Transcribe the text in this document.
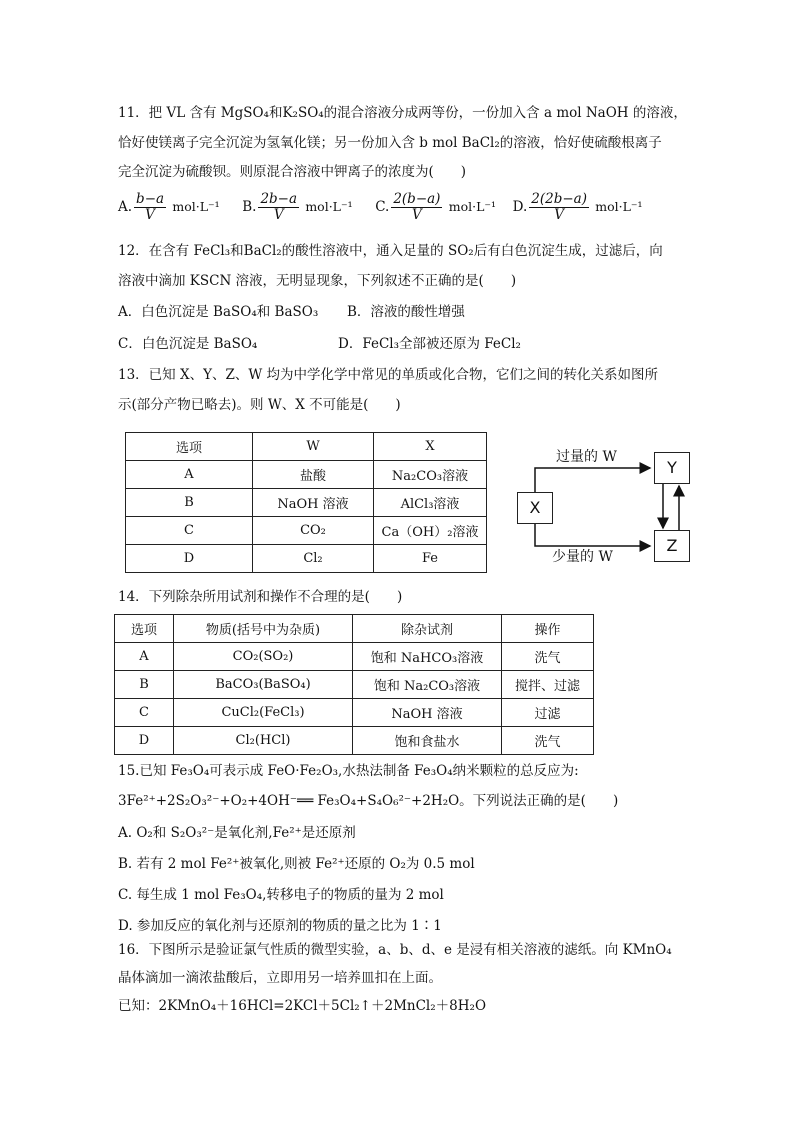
11．把 VL 含有 MgSO₄和K₂SO₄的混合溶液分成两等份，一份加入含 a mol NaOH 的溶液，
恰好使镁离子完全沉淀为氢氧化镁；另一份加入含 b mol BaCl₂的溶液，恰好使硫酸根离子
完全沉淀为硫酸钡。则原混合溶液中钾离子的浓度为(　　)
A. $\frac{b-a}{V} mol\cdot L^{-1}$ B. $\frac{2b-a}{V} mol\cdot L^{-1}$ C. $\frac{2(b-a)}{V} mol\cdot L^{-1}$ D. $\frac{2(2b-a)}{V} mol\cdot L^{-1}$
12．在含有 FeCl₃和BaCl₂的酸性溶液中，通入足量的 SO₂后有白色沉淀生成，过滤后，向
溶液中滴加 KSCN 溶液，无明显现象，下列叙述不正确的是(　　)
A．白色沉淀是 BaSO₄和 BaSO₃ B．溶液的酸性增强
C．白色沉淀是 BaSO₄	D．FeCl₃全部被还原为 FeCl₂
13．已知 X、Y、Z、W 均为中学化学中常见的单质或化合物，它们之间的转化关系如图所
示(部分产物已略去)。则 W、X 不可能是(　　)
选项	W	X
A	盐酸	Na₂CO₃溶液
B	NaOH 溶液	AlCl₃溶液
C	CO₂	Ca（OH）₂溶液
D	Cl₂	Fe
X
Y
Z
过量的 W
少量的 W
14．下列除杂所用试剂和操作不合理的是(　　)
选项	物质(括号中为杂质)	除杂试剂	操作
A	CO₂(SO₂)	饱和 NaHCO₃溶液	洗气
B	BaCO₃(BaSO₄)	饱和 Na₂CO₃溶液	搅拌、过滤
C	CuCl₂(FeCl₃)	NaOH 溶液	过滤
D	Cl₂(HCl)	饱和食盐水	洗气
15.已知 Fe₃O₄可表示成 FeO·Fe₂O₃,水热法制备 Fe₃O₄纳米颗粒的总反应为:
3Fe²⁺+2S₂O₃²⁻+O₂+4OH⁻══ Fe₃O₄+S₄O₆²⁻+2H₂O。下列说法正确的是(　　)
A. O₂和 S₂O₃²⁻是氧化剂,Fe²⁺是还原剂
B. 若有 2 mol Fe²⁺被氧化,则被 Fe²⁺还原的 O₂为 0.5 mol
C. 每生成 1 mol Fe₃O₄,转移电子的物质的量为 2 mol
D. 参加反应的氧化剂与还原剂的物质的量之比为 1∶1
16．下图所示是验证氯气性质的微型实验，a、b、d、e 是浸有相关溶液的滤纸。向 KMnO₄
晶体滴加一滴浓盐酸后，立即用另一培养皿扣在上面。
已知：2KMnO₄＋16HCl=2KCl＋5Cl₂↑＋2MnCl₂＋8H₂O
